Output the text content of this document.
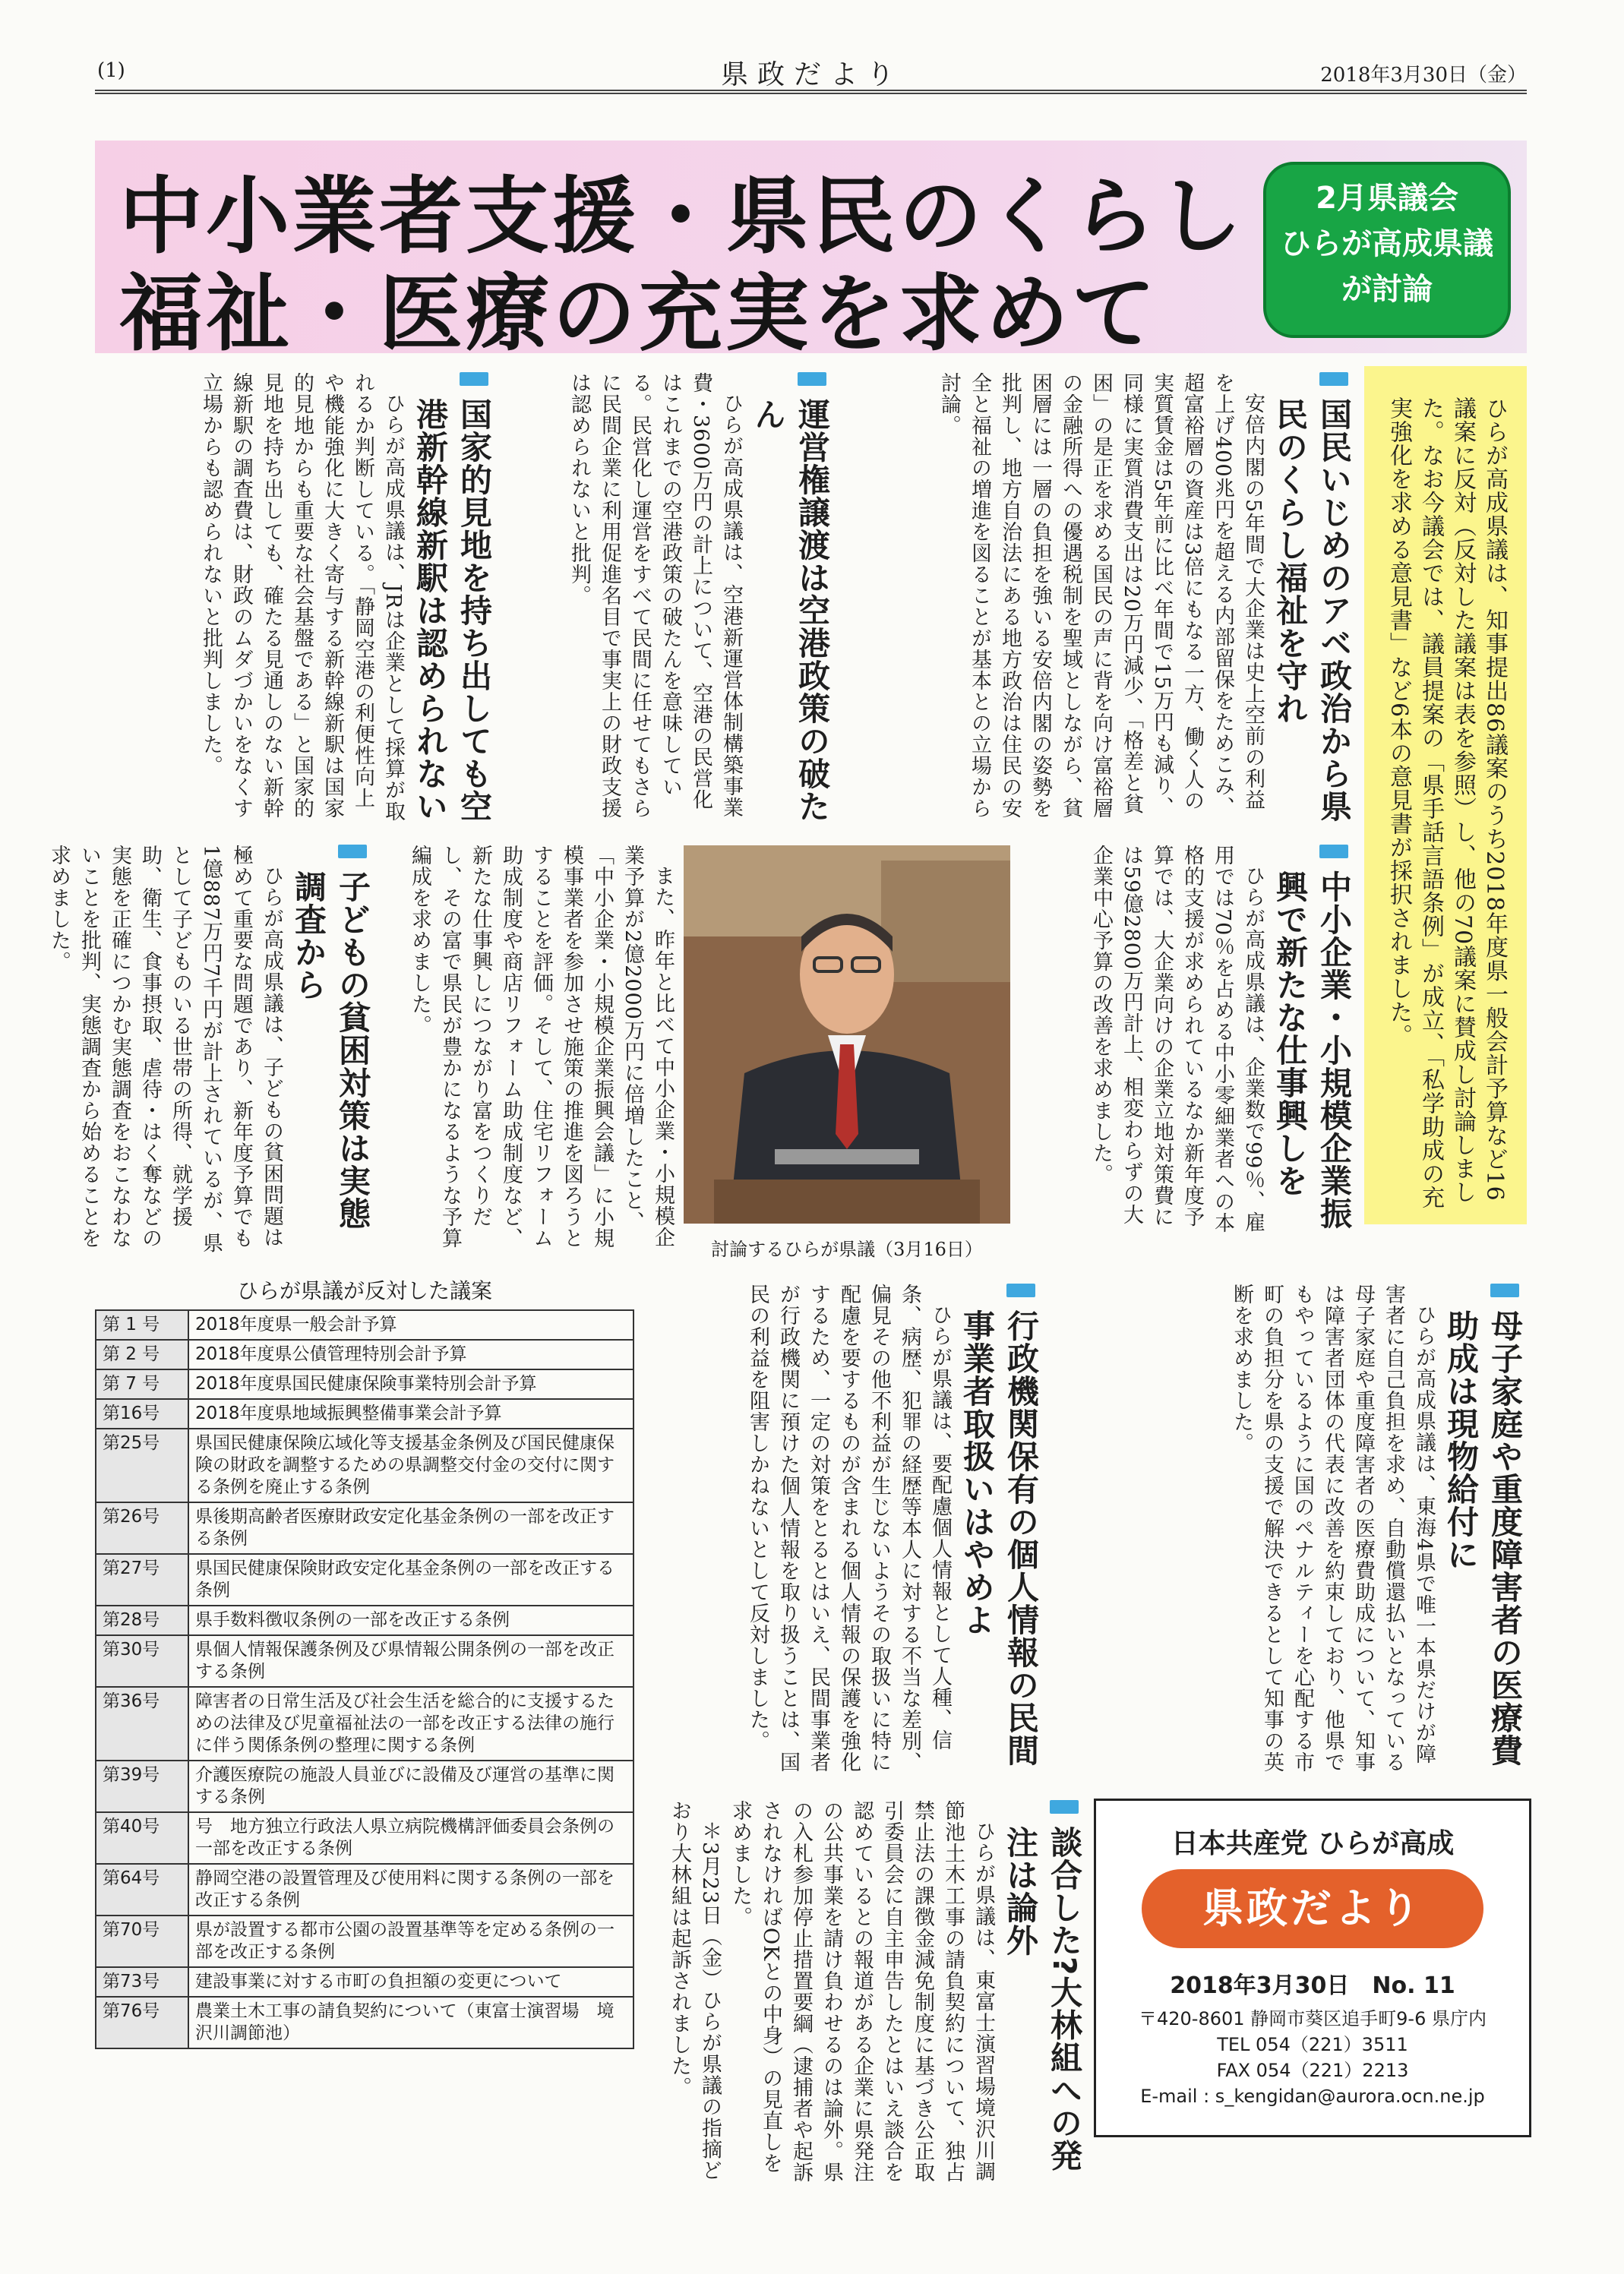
(1)	県政だより	2018年3月30日（金）
中小業者支援・県民のくらし
福祉・医療の充実を求めて
2月県議会
ひらが高成県議
が討論

ひらが高成県議は、知事提出86議案のうち2018年度県一般会計予算など16議案に反対（反対した議案は表を参照）し、他の70議案に賛成し討論しました。なお今議会では、議員提案の「県手話言語条例」が成立、「私学助成の充実強化を求める意見書」など6本の意見書が採択されました。

国民いじめのアベ政治から県民のくらし福祉を守れ

安倍内閣の5年間で大企業は史上空前の利益を上げ400兆円を超える内部留保をためこみ、超富裕層の資産は3倍にもなる一方、働く人の実質賃金は5年前に比べ年間で15万円も減り、同様に実質消費支出は20万円減少、「格差と貧困」の是正を求める国民の声に背を向け富裕層の金融所得への優遇税制を聖域としながら、貧困層には一層の負担を強いる安倍内閣の姿勢を批判し、地方自治法にある地方政治は住民の安全と福祉の増進を図ることが基本との立場から討論。

運営権譲渡は空港政策の破たん

ひらが高成県議は、空港新運営体制構築事業費・3600万円の計上について、空港の民営化はこれまでの空港政策の破たんを意味している。民営化し運営をすべて民間に任せてもさらに民間企業に利用促進名目で事実上の財政支援は認められないと批判。

国家的見地を持ち出しても空港新幹線新駅は認められない

ひらが高成県議は、JRは企業として採算が取れるか判断している。「静岡空港の利便性向上や機能強化に大きく寄与する新幹線新駅は国家的見地からも重要な社会基盤である」と国家的見地を持ち出しても、確たる見通しのない新幹線新駅の調査費は、財政のムダづかいをなくす立場からも認められないと批判しました。

中小企業・小規模企業振興で新たな仕事興しを

ひらが高成県議は、企業数で99％、雇用では70％を占める中小零細業者への本格的支援が求められているなか新年度予算では、大企業向けの企業立地対策費には59億2800万円計上、相変わらずの大企業中心予算の改善を求めました。

また、昨年と比べて中小企業・小規模企業予算が2億2000万円に倍増したこと、「中小企業・小規模企業振興会議」に小規模事業者を参加させ施策の推進を図ろうとすることを評価。そして、住宅リフォーム助成制度や商店リフォーム助成制度など、新たな仕事興しにつながり富をつくりだし、その富で県民が豊かになるような予算編成を求めました。

討論するひらが県議（3月16日）
子どもの貧困対策は実態調査から

ひらが高成県議は、子どもの貧困問題は極めて重要な問題であり、新年度予算でも1億887万円7千円が計上されているが、県として子どものいる世帯の所得、就学援助、衛生、食事摂取、虐待・はく奪などの実態を正確につかむ実態調査をおこなわないことを批判、実態調査から始めることを求めました。

母子家庭や重度障害者の医療費助成は現物給付に

ひらが高成県議は、東海4県で唯一本県だけが障害者に自己負担を求め、自動償還払いとなっている母子家庭や重度障害者の医療費助成について、知事は障害者団体の代表に改善を約束しており、他県でもやっているように国のペナルティーを心配する市町の負担分を県の支援で解決できるとして知事の英断を求めました。

行政機関保有の個人情報の民間事業者取扱いはやめよ

ひらが県議は、要配慮個人情報として人種、信条、病歴、犯罪の経歴等本人に対する不当な差別、偏見その他不利益が生じないようその取扱いに特に配慮を要するものが含まれる個人情報の保護を強化するため、一定の対策をとるとはいえ、民間事業者が行政機関に預けた個人情報を取り扱うことは、国民の利益を阻害しかねないとして反対しました。

談合した?大林組への発注は論外

ひらが県議は、東富士演習場境沢川調節池土木工事の請負契約について、独占禁止法の課徴金減免制度に基づき公正取引委員会に自主申告したとはいえ談合を認めているとの報道がある企業に県発注の公共事業を請け負わせるのは論外。県の入札参加停止措置要綱（逮捕者や起訴されなければOKとの中身）の見直しを求めました。

＊3月23日（金）ひらが県議の指摘どおり大林組は起訴されました。

ひらが県議が反対した議案
第 1 号	2018年度県一般会計予算
第 2 号	2018年度県公債管理特別会計予算
第 7 号	2018年度県国民健康保険事業特別会計予算
第16号	2018年度県地域振興整備事業会計予算
第25号	県国民健康保険広域化等支援基金条例及び国民健康保険の財政を調整するための県調整交付金の交付に関する条例を廃止する条例
第26号	県後期高齢者医療財政安定化基金条例の一部を改正する条例
第27号	県国民健康保険財政安定化基金条例の一部を改正する条例
第28号	県手数料徴収条例の一部を改正する条例
第30号	県個人情報保護条例及び県情報公開条例の一部を改正する条例
第36号	障害者の日常生活及び社会生活を総合的に支援するための法律及び児童福祉法の一部を改正する法律の施行に伴う関係条例の整理に関する条例
第39号	介護医療院の施設人員並びに設備及び運営の基準に関する条例
第40号	号　地方独立行政法人県立病院機構評価委員会条例の一部を改正する条例
第64号	静岡空港の設置管理及び使用料に関する条例の一部を改正する条例
第70号	県が設置する都市公園の設置基準等を定める条例の一部を改正する条例
第73号	建設事業に対する市町の負担額の変更について
第76号	農業土木工事の請負契約について（東富士演習場　境沢川調節池）
日本共産党 ひらが高成
県政だより
2018年3月30日　No. 11
〒420-8601 静岡市葵区追手町9-6 県庁内
TEL 054（221）3511
FAX 054（221）2213
E-mail : s_kengidan@aurora.ocn.ne.jp
